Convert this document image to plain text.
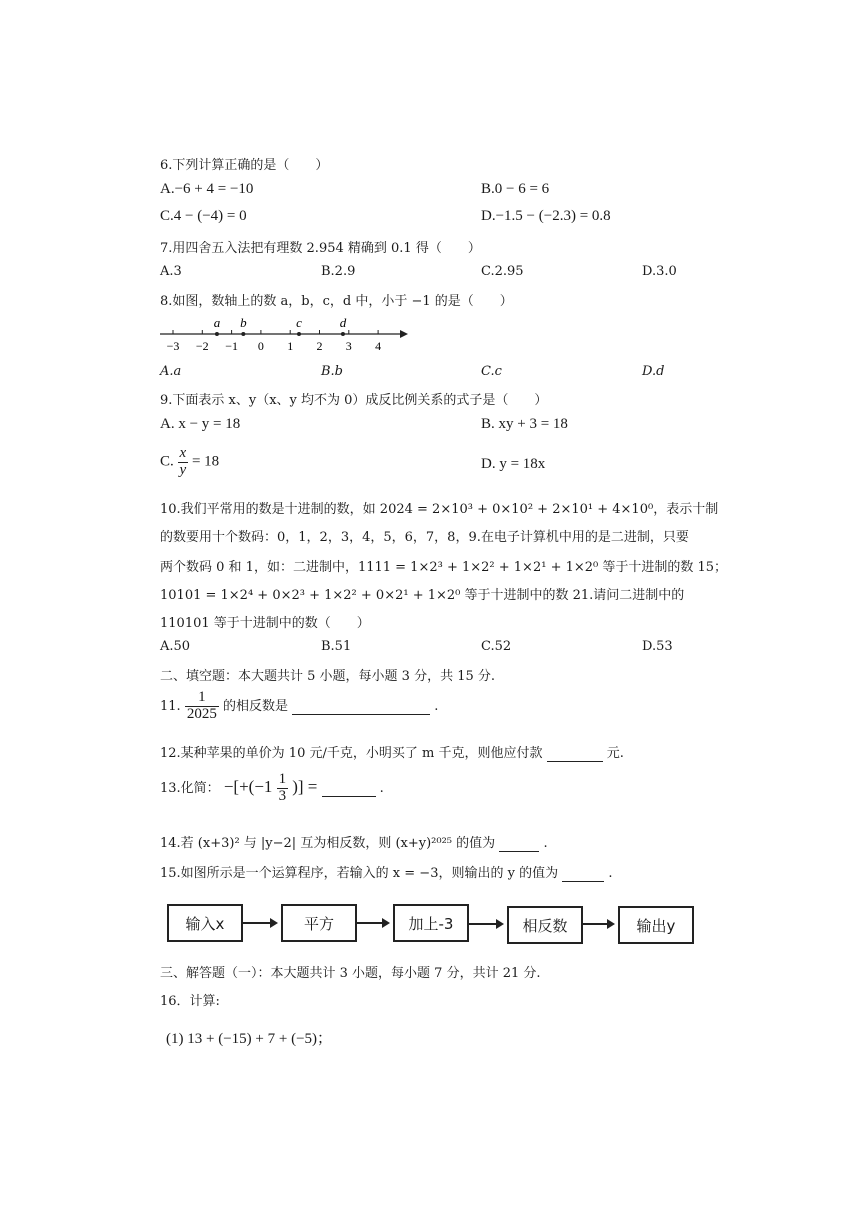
6.下列计算正确的是（　　）
A.−6 + 4 = −10	B.0 − 6 = 6
C.4 − (−4) = 0	D.−1.5 − (−2.3) = 0.8
7.用四舍五入法把有理数 2.954 精确到 0.1 得（　　）
A.3	B.2.9	C.2.95	D.3.0
8.如图，数轴上的数 a，b，c，d 中，小于 −1 的是（　　）
−3 −2 −1 0 1 2 3 4
a b	c	d
A.a	B.b	C.c	D.d
9.下面表示 x、y（x、y 均不为 0）成反比例关系的式子是（　　）
A. x − y = 18	B. xy + 3 = 18
C. $\frac{x}{y} = 18$	D. y = 18x
10.我们平常用的数是十进制的数，如 2024 = 2×10³ + 0×10² + 2×10¹ + 4×10⁰，表示十制
的数要用十个数码：0，1，2，3，4，5，6，7，8，9.在电子计算机中用的是二进制，只要
两个数码 0 和 1，如：二进制中，1111 = 1×2³ + 1×2² + 1×2¹ + 1×2⁰ 等于十进制的数 15；
10101 = 1×2⁴ + 0×2³ + 1×2² + 0×2¹ + 1×2⁰ 等于十进制中的数 21.请问二进制中的
110101 等于十进制中的数（　　）
A.50	B.51	C.52	D.53
二、填空题：本大题共计 5 小题，每小题 3 分，共 15 分.
11. $\frac{1}{2025}$ 的相反数是	.
12.某种苹果的单价为 10 元/千克，小明买了 m 千克，则他应付款	元.
13.化简： $-[+(-1 \frac{1}{3}$ )] =	.
14.若 (x+3)² 与 |y−2| 互为相反数，则 (x+y)²⁰²⁵ 的值为	.
15.如图所示是一个运算程序，若输入的 x = −3，则输出的 y 的值为	.
输入x	平方	加上-3	相反数	输出y
三、解答题（一）：本大题共计 3 小题，每小题 7 分，共计 21 分.
16．计算:
(1) 13 + (−15) + 7 + (−5)；
